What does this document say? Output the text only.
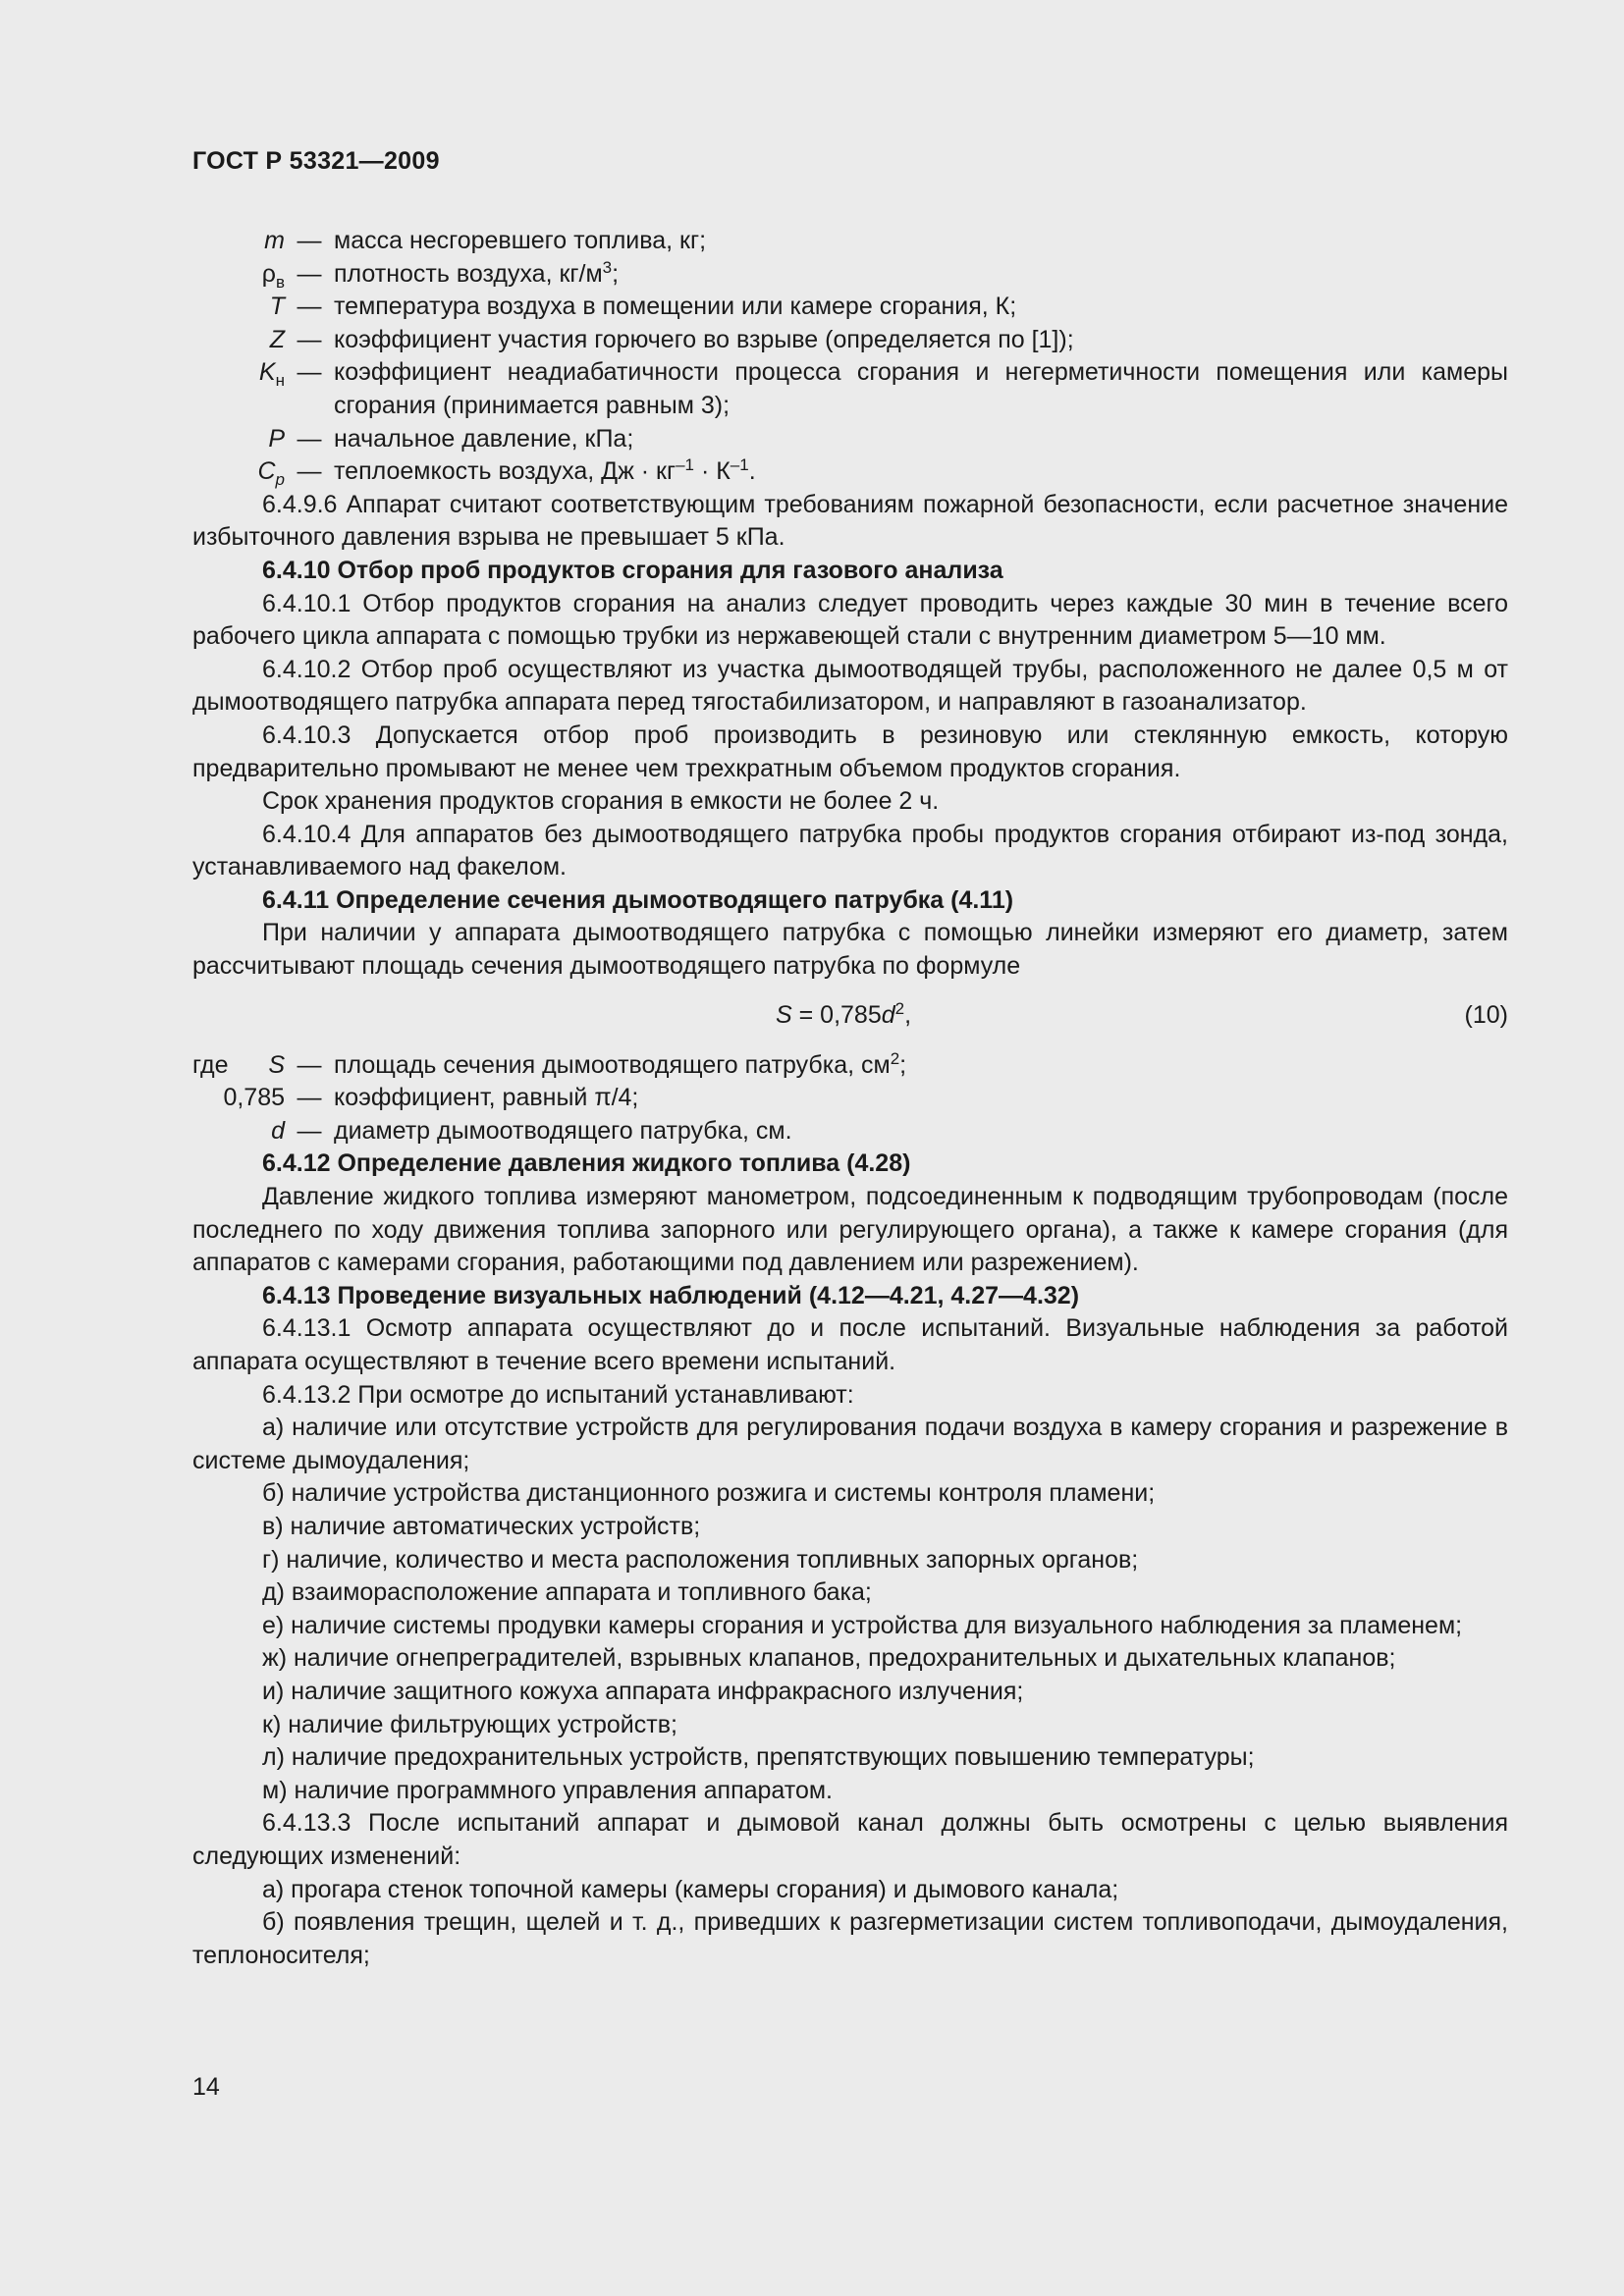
ГОСТ Р 53321—2009
m — масса несгоревшего топлива, кг;
$\rho_в$ — плотность воздуха, $кг/м^3$;
T — температура воздуха в помещении или камере сгорания, К;
Z — коэффициент участия горючего во взрыве (определяется по [1]);
$K_н$ — коэффициент неадиабатичности процесса сгорания и негерметичности помещения или камеры сгорания (принимается равным 3);
P — начальное давление, кПа;
$C_p$ — теплоемкость воздуха, Дж · $кг^{-1} \cdot К^{-1}$.

6.4.9.6 Аппарат считают соответствующим требованиям пожарной безопасности, если расчетное значение избыточного давления взрыва не превышает 5 кПа.

6.4.10 Отбор проб продуктов сгорания для газового анализа

6.4.10.1 Отбор продуктов сгорания на анализ следует проводить через каждые 30 мин в течение всего рабочего цикла аппарата с помощью трубки из нержавеющей стали с внутренним диаметром 5—10 мм.

6.4.10.2 Отбор проб осуществляют из участка дымоотводящей трубы, расположенного не далее 0,5 м от дымоотводящего патрубка аппарата перед тягостабилизатором, и направляют в газоанализатор.

6.4.10.3 Допускается отбор проб производить в резиновую или стеклянную емкость, которую предварительно промывают не менее чем трехкратным объемом продуктов сгорания.

Срок хранения продуктов сгорания в емкости не более 2 ч.

6.4.10.4 Для аппаратов без дымоотводящего патрубка пробы продуктов сгорания отбирают из-под зонда, устанавливаемого над факелом.

6.4.11 Определение сечения дымоотводящего патрубка (4.11)

При наличии у аппарата дымоотводящего патрубка с помощью линейки измеряют его диаметр, затем рассчитывают площадь сечения дымоотводящего патрубка по формуле

$S = 0,785d^2$,	(10)
где	S — площадь сечения дымоотводящего патрубка, $см^2$;
0,785 — коэффициент, равный π/4;
d — диаметр дымоотводящего патрубка, см.

6.4.12 Определение давления жидкого топлива (4.28)

Давление жидкого топлива измеряют манометром, подсоединенным к подводящим трубопроводам (после последнего по ходу движения топлива запорного или регулирующего органа), а также к камере сгорания (для аппаратов с камерами сгорания, работающими под давлением или разрежением).

6.4.13 Проведение визуальных наблюдений (4.12—4.21, 4.27—4.32)

6.4.13.1 Осмотр аппарата осуществляют до и после испытаний. Визуальные наблюдения за работой аппарата осуществляют в течение всего времени испытаний.

6.4.13.2 При осмотре до испытаний устанавливают:

а) наличие или отсутствие устройств для регулирования подачи воздуха в камеру сгорания и разрежение в системе дымоудаления;

б) наличие устройства дистанционного розжига и системы контроля пламени;

в) наличие автоматических устройств;

г) наличие, количество и места расположения топливных запорных органов;

д) взаиморасположение аппарата и топливного бака;

е) наличие системы продувки камеры сгорания и устройства для визуального наблюдения за пламенем;

ж) наличие огнепреградителей, взрывных клапанов, предохранительных и дыхательных клапанов;

и) наличие защитного кожуха аппарата инфракрасного излучения;

к) наличие фильтрующих устройств;

л) наличие предохранительных устройств, препятствующих повышению температуры;

м) наличие программного управления аппаратом.

6.4.13.3 После испытаний аппарат и дымовой канал должны быть осмотрены с целью выявления следующих изменений:

а) прогара стенок топочной камеры (камеры сгорания) и дымового канала;

б) появления трещин, щелей и т. д., приведших к разгерметизации систем топливоподачи, дымоудаления, теплоносителя;

14
